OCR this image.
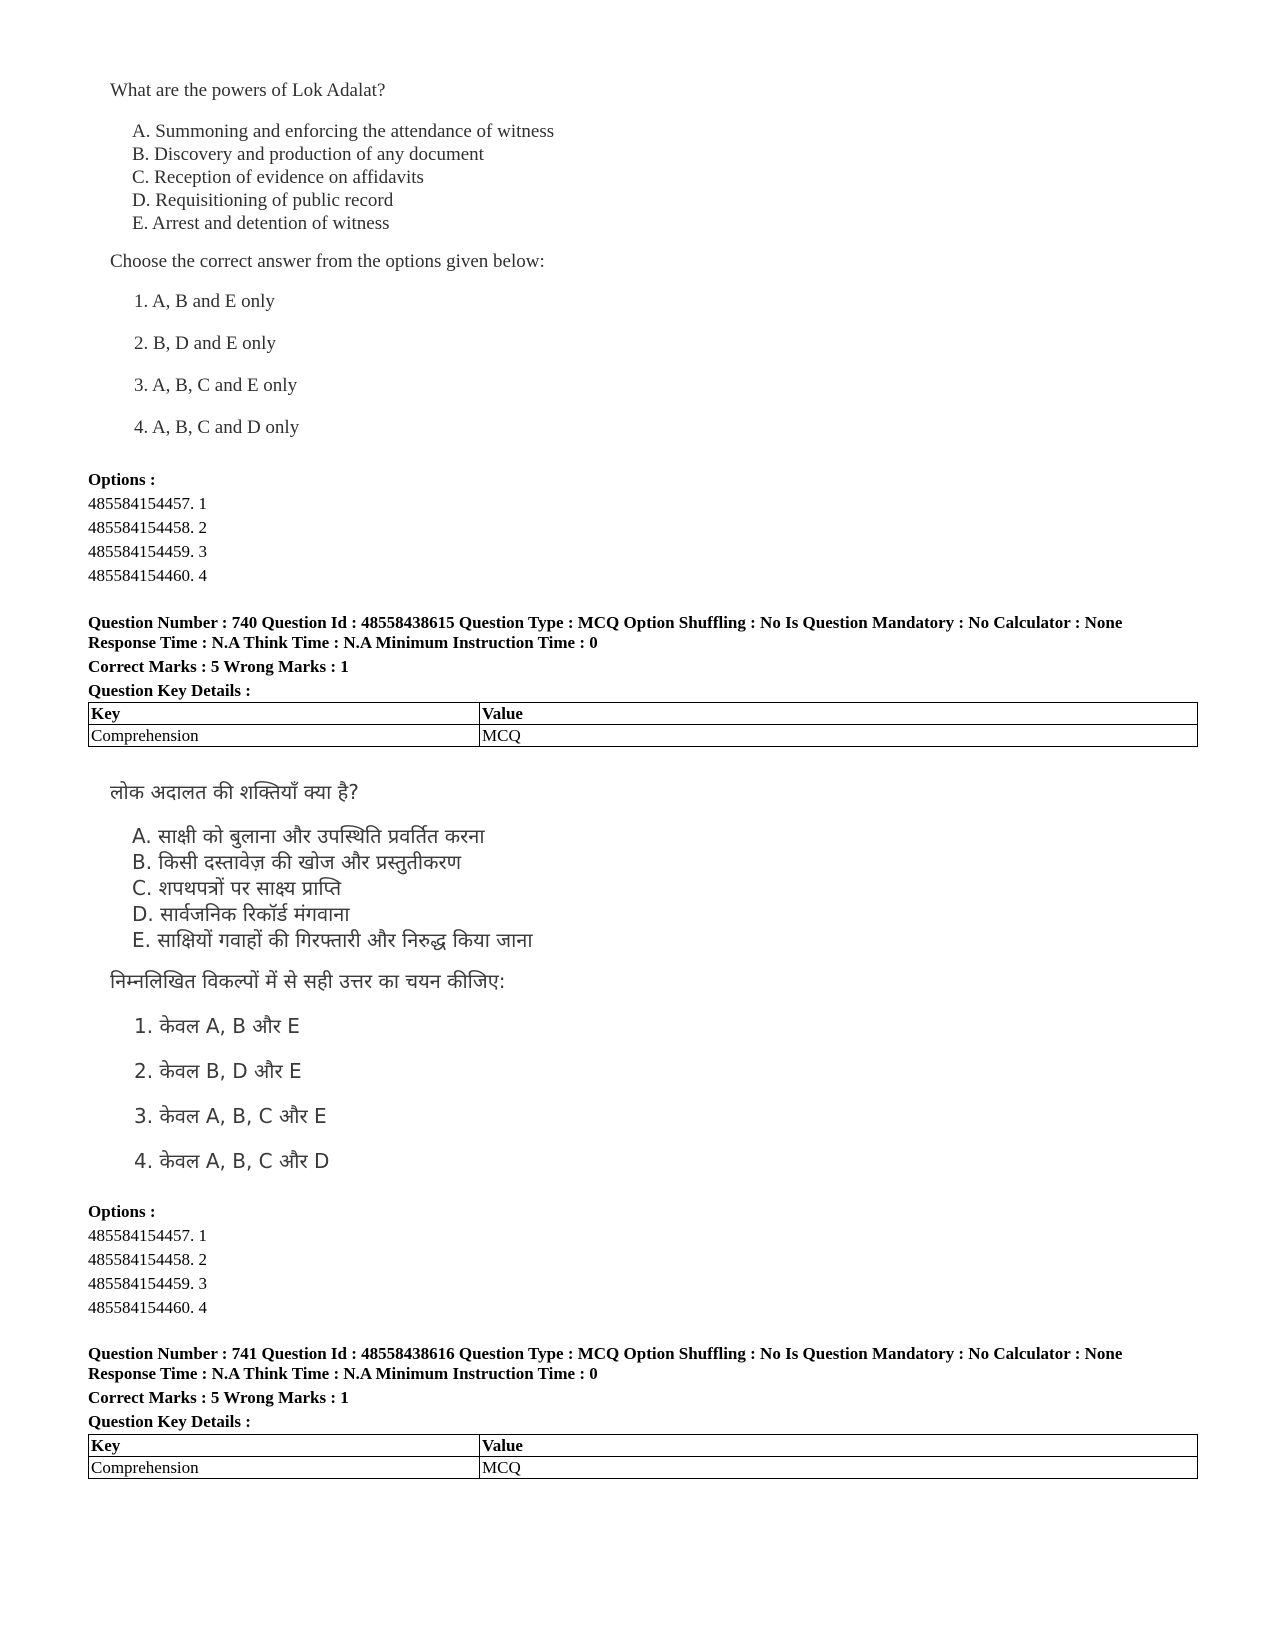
What are the powers of Lok Adalat?

A. Summoning and enforcing the attendance of witness

B. Discovery and production of any document

C. Reception of evidence on affidavits

D. Requisitioning of public record

E. Arrest and detention of witness

Choose the correct answer from the options given below:

1. A, B and E only

2. B, D and E only

3. A, B, C and E only

4. A, B, C and D only

Options :
485584154457. 1
485584154458. 2
485584154459. 3
485584154460. 4
Question Number : 740 Question Id : 48558438615 Question Type : MCQ Option Shuffling : No Is Question Mandatory : No Calculator : None
Response Time : N.A Think Time : N.A Minimum Instruction Time : 0
Correct Marks : 5 Wrong Marks : 1
Question Key Details :
Key	Value
Comprehension	MCQ

लोक अदालत की शक्तियाँ क्या है?

A. साक्षी को बुलाना और उपस्थिति प्रवर्तित करना

B. किसी दस्तावेज़ की खोज और प्रस्तुतीकरण

C. शपथपत्रों पर साक्ष्य प्राप्ति

D. सार्वजनिक रिकॉर्ड मंगवाना

E. साक्षियों गवाहों की गिरफ्तारी और निरुद्ध किया जाना

निम्नलिखित विकल्पों में से सही उत्तर का चयन कीजिए:

1. केवल A, B और E

2. केवल B, D और E

3. केवल A, B, C और E

4. केवल A, B, C और D

Options :
485584154457. 1
485584154458. 2
485584154459. 3
485584154460. 4
Question Number : 741 Question Id : 48558438616 Question Type : MCQ Option Shuffling : No Is Question Mandatory : No Calculator : None
Response Time : N.A Think Time : N.A Minimum Instruction Time : 0
Correct Marks : 5 Wrong Marks : 1
Question Key Details :
Key	Value
Comprehension	MCQ
